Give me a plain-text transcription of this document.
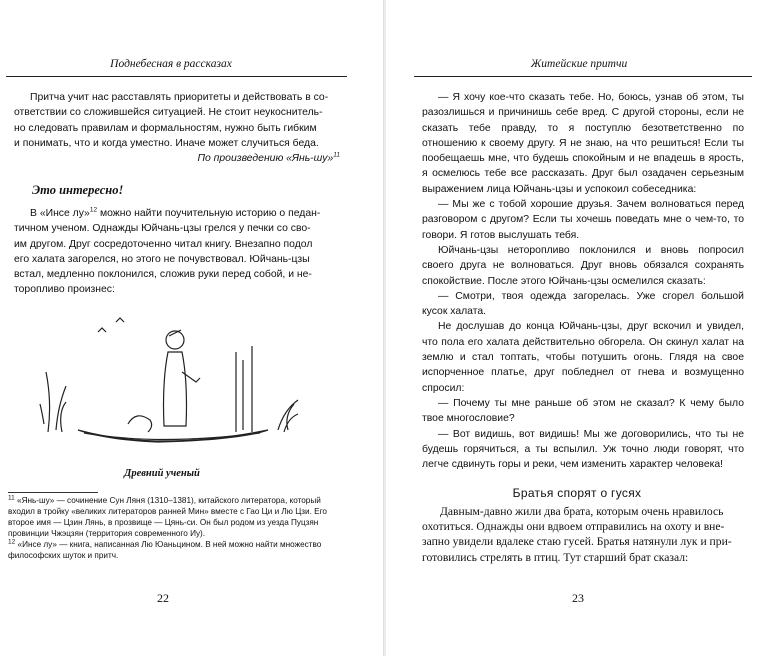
Поднебесная в рассказах

Притча учит нас расставлять приоритеты и действовать в со-

ответствии со сложившейся ситуацией. Не стоит неукоснитель-

но следовать правилам и формальностям, нужно быть гибким

и понимать, что и когда уместно. Иначе может случиться беда.

По произведению «Янь-шу»$^{11}$

Это интересно!

В «Инсе лу»$^{12}$ можно найти поучительную историю о педан-

тичном ученом. Однажды Юйчань-цзы грелся у печки со сво-

им другом. Друг сосредоточенно читал книгу. Внезапно подол

его халата загорелся, но этого не почувствовал. Юйчань-цзы

встал, медленно поклонился, сложив руки перед собой, и не-

торопливо произнес:

Древний ученый

$^{11}$ «Янь-шу» — сочинение Сун Ляня (1310–1381), китайского литератора, который входил в тройку «великих литераторов ранней Мин» вместе с Гао Ци и Лю Цзи. Его второе имя — Цзин Лянь, в прозвище — Цянь-си. Он был родом из уезда Пуцзян провинции Чжэцзян (территория современного Иу).

$^{12}$ «Инсе лу» — книга, написанная Лю Юаньцином. В ней можно найти множество философских шуток и притч.

22
Житейские притчи

— Я хочу кое-что сказать тебе. Но, боюсь, узнав об этом, ты разозлишься и причинишь себе вред. С другой стороны, если не сказать тебе правду, то я поступлю безответственно по отношению к своему другу. Я не знаю, на что решиться! Если ты пообещаешь мне, что будешь спокойным и не впадешь в ярость, я осмелюсь тебе все рассказать. Друг был озадачен серьезным выражением лица Юйчань-цзы и успокоил собеседника:

— Мы же с тобой хорошие друзья. Зачем волноваться перед разговором с другом? Если ты хочешь поведать мне о чем-то, то говори. Я готов выслушать тебя.

Юйчань-цзы неторопливо поклонился и вновь попросил своего друга не волноваться. Друг вновь обязался сохранять спокойствие. После этого Юйчань-цзы осмелился сказать:

— Смотри, твоя одежда загорелась. Уже сгорел большой кусок халата.

Не дослушав до конца Юйчань-цзы, друг вскочил и увидел, что пола его халата действительно обгорела. Он скинул халат на землю и стал топтать, чтобы потушить огонь. Глядя на свое испорченное платье, друг побледнел от гнева и возмущенно спросил:

— Почему ты мне раньше об этом не сказал? К чему было твое многословие?

— Вот видишь, вот видишь! Мы же договорились, что ты не будешь горячиться, а ты вспылил. Уж точно люди говорят, что легче сдвинуть горы и реки, чем изменить характер человека!

Братья спорят о гусях

Давным-давно жили два брата, которым очень нравилось

охотиться. Однажды они вдвоем отправились на охоту и вне-

запно увидели вдалеке стаю гусей. Братья натянули лук и при-

готовились стрелять в птиц. Тут старший брат сказал:

23
